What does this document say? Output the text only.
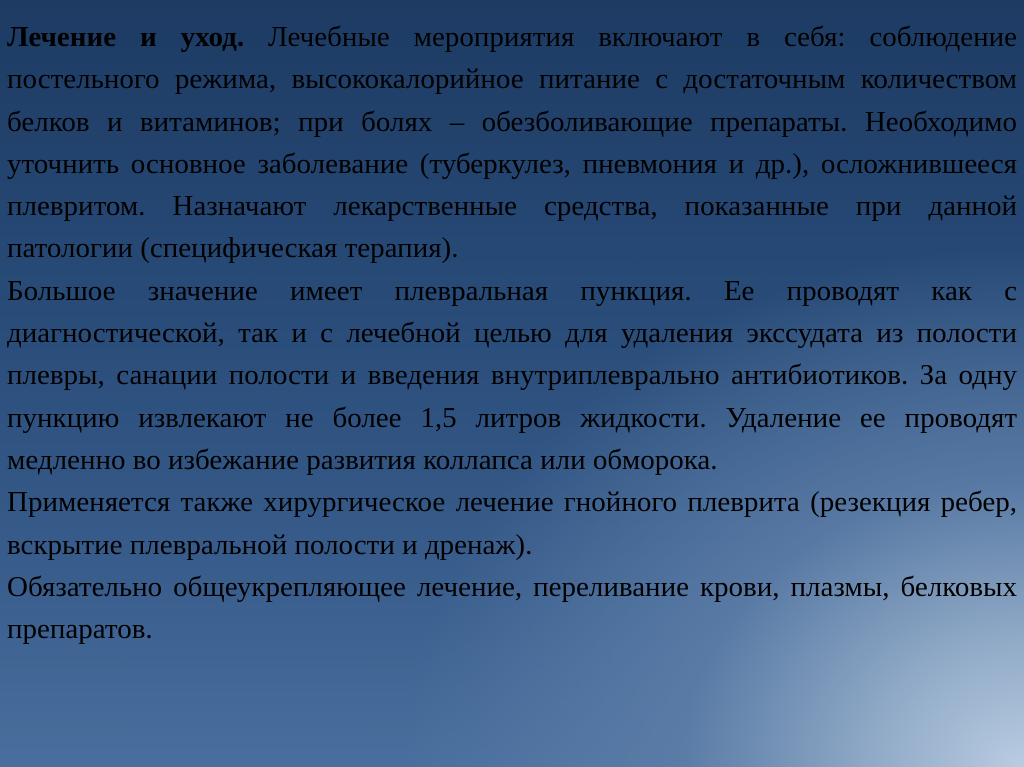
Лечение и уход. Лечебные мероприятия включают в себя: соблюдение постельного режима, высококалорийное питание с достаточным количеством белков и витаминов; при болях – обезболивающие препараты. Необходимо уточнить основное заболевание (туберкулез, пневмония и др.), осложнившееся плевритом. Назначают лекарственные средства, показанные при данной патологии (специфическая терапия).

Большое значение имеет плевральная пункция. Ее проводят как с диагностической, так и с лечебной целью для удаления экссудата из полости плевры, санации полости и введения внутриплеврально антибиотиков. За одну пункцию извлекают не более 1,5 литров жидкости. Удаление ее проводят медленно во избежание развития коллапса или обморока.

Применяется также хирургическое лечение гнойного плеврита (резекция ребер, вскрытие плевральной полости и дренаж).

Обязательно общеукрепляющее лечение, переливание крови, плазмы, белковых препаратов.
